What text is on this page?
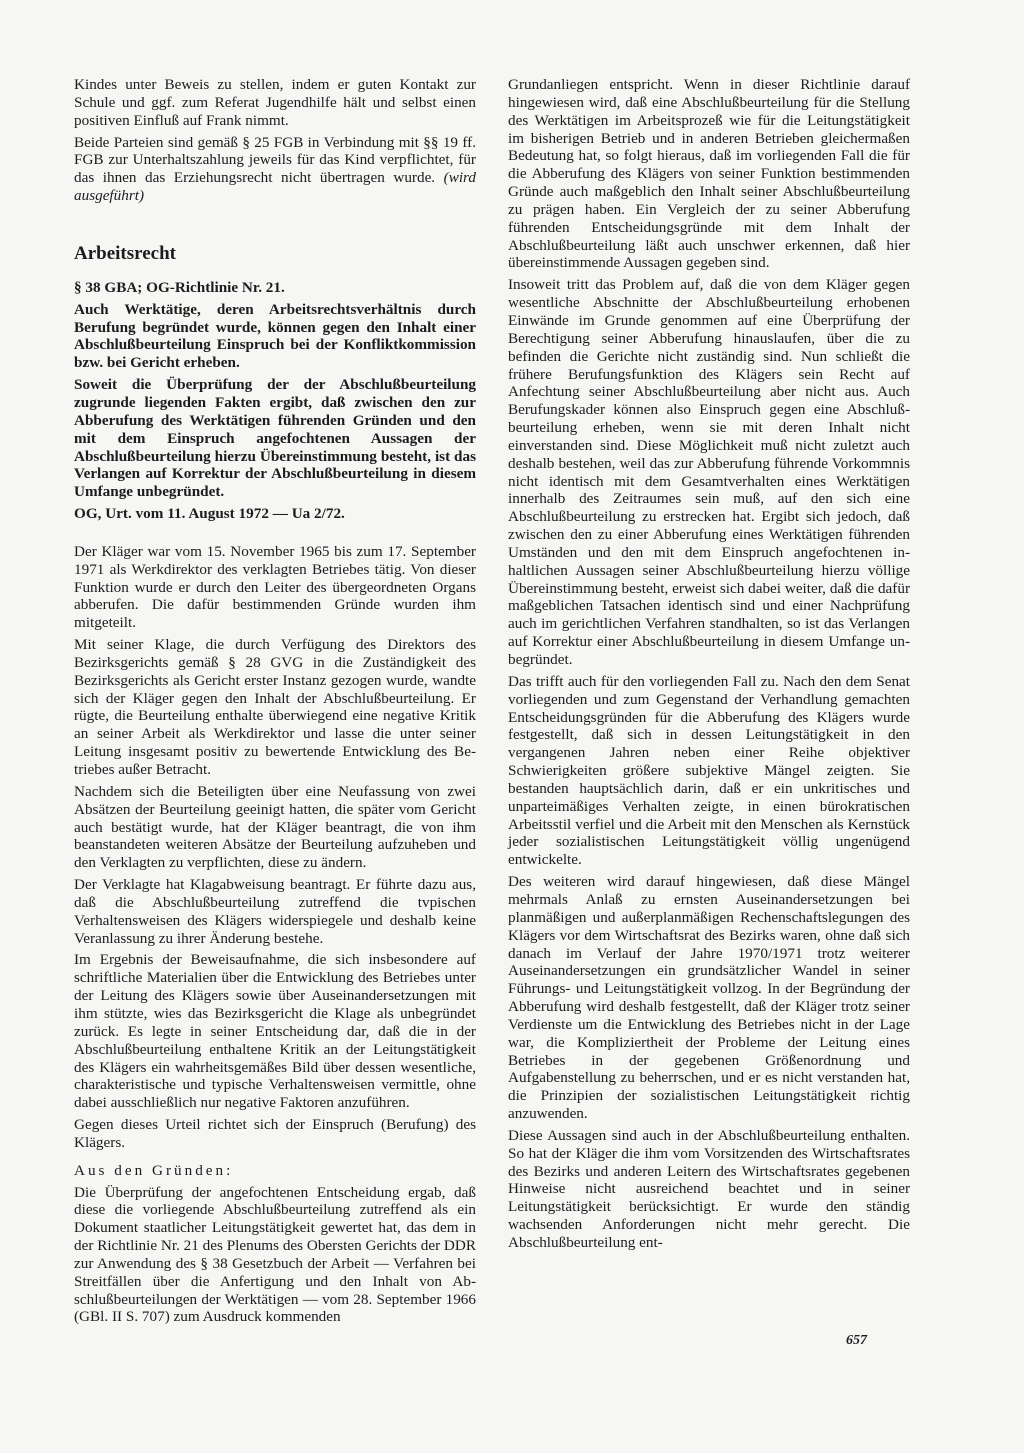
Kindes unter Beweis zu stellen, indem er guten Kontakt zur Schule und ggf. zum Referat Jugendhilfe hält und selbst einen positiven Einfluß auf Frank nimmt.

Beide Parteien sind gemäß § 25 FGB in Verbindung mit §§ 19 ff. FGB zur Unterhaltszahlung jeweils für das Kind verpflichtet, für das ihnen das Erziehungsrecht nicht übertragen wurde. (wird ausgeführt)

Arbeitsrecht

§ 38 GBA; OG-Richtlinie Nr. 21.

Auch Werktätige, deren Arbeitsrechtsverhältnis durch Berufung begründet wurde, können gegen den Inhalt einer Abschlußbeurteilung Einspruch bei der Konfliktkommission bzw. bei Gericht erheben.

Soweit die Überprüfung der der Abschlußbeurteilung zugrunde liegenden Fakten ergibt, daß zwischen den zur Abberufung des Werktätigen führenden Gründen und den mit dem Einspruch angefochtenen Aussagen der Abschlußbeurteilung hierzu Übereinstimmung besteht, ist das Verlangen auf Korrektur der Abschlußbeurteilung in diesem Umfange unbegründet.

OG, Urt. vom 11. August 1972 — Ua 2/72.

Der Kläger war vom 15. November 1965 bis zum 17. September 1971 als Werkdirektor des verklagten Betriebes tätig. Von dieser Funktion wurde er durch den Leiter des übergeordneten Organs abberufen. Die dafür bestimmenden Gründe wurden ihm mitgeteilt.

Mit seiner Klage, die durch Verfügung des Direktors des Bezirksgerichts gemäß § 28 GVG in die Zuständigkeit des Bezirksgerichts als Gericht erster Instanz gezogen wurde, wandte sich der Kläger gegen den Inhalt der Abschlußbeurteilung. Er rügte, die Beurteilung enthalte überwiegend eine negative Kritik an seiner Arbeit als Werkdirektor und lasse die unter seiner Leitung insgesamt positiv zu bewertende Entwicklung des Betriebes außer Betracht.

Nachdem sich die Beteiligten über eine Neufassung von zwei Absätzen der Beurteilung geeinigt hatten, die später vom Gericht auch bestätigt wurde, hat der Kläger beantragt, die von ihm beanstandeten weiteren Absätze der Beurteilung aufzuheben und den Verklagten zu verpflichten, diese zu ändern.

Der Verklagte hat Klagabweisung beantragt. Er führte dazu aus, daß die Abschlußbeurteilung zutreffend die tvpischen Verhaltensweisen des Klägers widerspiegele und deshalb keine Veranlassung zu ihrer Änderung bestehe.

Im Ergebnis der Beweisaufnahme, die sich insbesondere auf schriftliche Materialien über die Entwicklung des Betriebes unter der Leitung des Klägers sowie über Auseinandersetzungen mit ihm stützte, wies das Bezirksgericht die Klage als unbegründet zurück. Es legte in seiner Entscheidung dar, daß die in der Abschlußbeurteilung enthaltene Kritik an der Leitungstätigkeit des Klägers ein wahrheitsgemäßes Bild über dessen wesentliche, charakteristische und typische Verhaltensweisen vermittle, ohne dabei ausschließlich nur negative Faktoren anzuführen.

Gegen dieses Urteil richtet sich der Einspruch (Berufung) des Klägers.

Aus den Gründen:

Die Überprüfung der angefochtenen Entscheidung ergab, daß diese die vorliegende Abschlußbeurteilung zutreffend als ein Dokument staatlicher Leitungstätigkeit gewertet hat, das dem in der Richtlinie Nr. 21 des Plenums des Obersten Gerichts der DDR zur Anwendung des § 38 Gesetzbuch der Arbeit — Verfahren bei Streitfällen über die Anfertigung und den Inhalt von Abschlußbeurteilungen der Werktätigen — vom 28. September 1966 (GBl. II S. 707) zum Ausdruck kommenden

Grundanliegen entspricht. Wenn in dieser Richtlinie darauf hingewiesen wird, daß eine Abschlußbeurteilung für die Stellung des Werktätigen im Arbeitsprozeß wie für die Leitungstätigkeit im bisherigen Betrieb und in anderen Betrieben gleichermaßen Bedeutung hat, so folgt hieraus, daß im vorliegenden Fall die für die Abberufung des Klägers von seiner Funktion bestimmenden Gründe auch maßgeblich den Inhalt seiner Abschlußbeurteilung zu prägen haben. Ein Vergleich der zu seiner Abberufung führenden Entscheidungsgründe mit dem Inhalt der Abschlußbeurteilung läßt auch unschwer erkennen, daß hier übereinstimmende Aussagen gegeben sind.

Insoweit tritt das Problem auf, daß die von dem Kläger gegen wesentliche Abschnitte der Abschlußbeurteilung erhobenen Einwände im Grunde genommen auf eine Überprüfung der Berechtigung seiner Abberufung hinauslaufen, über die zu befinden die Gerichte nicht zuständig sind. Nun schließt die frühere Berufungsfunktion des Klägers sein Recht auf Anfechtung seiner Abschlußbeurteilung aber nicht aus. Auch Berufungskader können also Einspruch gegen eine Abschlußbeurteilung erheben, wenn sie mit deren Inhalt nicht einverstanden sind. Diese Möglichkeit muß nicht zuletzt auch deshalb bestehen, weil das zur Abberufung führende Vorkommnis nicht identisch mit dem Gesamtverhalten eines Werktätigen innerhalb des Zeitraumes sein muß, auf den sich eine Abschlußbeurteilung zu erstrecken hat. Ergibt sich jedoch, daß zwischen den zu einer Abberufung eines Werktätigen führenden Umständen und den mit dem Einspruch angefochtenen inhaltlichen Aussagen seiner Abschlußbeurteilung hierzu völlige Übereinstimmung besteht, erweist sich dabei weiter, daß die dafür maßgeblichen Tatsachen identisch sind und einer Nachprüfung auch im gerichtlichen Verfahren standhalten, so ist das Verlangen auf Korrektur einer Abschlußbeurteilung in diesem Umfange unbegründet.

Das trifft auch für den vorliegenden Fall zu. Nach den dem Senat vorliegenden und zum Gegenstand der Verhandlung gemachten Entscheidungsgründen für die Abberufung des Klägers wurde festgestellt, daß sich in dessen Leitungstätigkeit in den vergangenen Jahren neben einer Reihe objektiver Schwierigkeiten größere subjektive Mängel zeigten. Sie bestanden hauptsächlich darin, daß er ein unkritisches und unparteimäßiges Verhalten zeigte, in einen bürokratischen Arbeitsstil verfiel und die Arbeit mit den Menschen als Kernstück jeder sozialistischen Leitungstätigkeit völlig ungenügend entwickelte.

Des weiteren wird darauf hingewiesen, daß diese Mängel mehrmals Anlaß zu ernsten Auseinandersetzungen bei planmäßigen und außerplanmäßigen Rechenschaftslegungen des Klägers vor dem Wirtschaftsrat des Bezirks waren, ohne daß sich danach im Verlauf der Jahre 1970/1971 trotz weiterer Auseinandersetzungen ein grundsätzlicher Wandel in seiner Führungs- und Leitungstätigkeit vollzog. In der Begründung der Abberufung wird deshalb festgestellt, daß der Kläger trotz seiner Verdienste um die Entwicklung des Betriebes nicht in der Lage war, die Kompliziertheit der Probleme der Leitung eines Betriebes in der gegebenen Größenordnung und Aufgabenstellung zu beherrschen, und er es nicht verstanden hat, die Prinzipien der sozialistischen Leitungstätigkeit richtig anzuwenden.

Diese Aussagen sind auch in der Abschlußbeurteilung enthalten. So hat der Kläger die ihm vom Vorsitzenden des Wirtschaftsrates des Bezirks und anderen Leitern des Wirtschaftsrates gegebenen Hinweise nicht ausreichend beachtet und in seiner Leitungstätigkeit berücksichtigt. Er wurde den ständig wachsenden Anforderungen nicht mehr gerecht. Die Abschlußbeurteilung ent-

657
